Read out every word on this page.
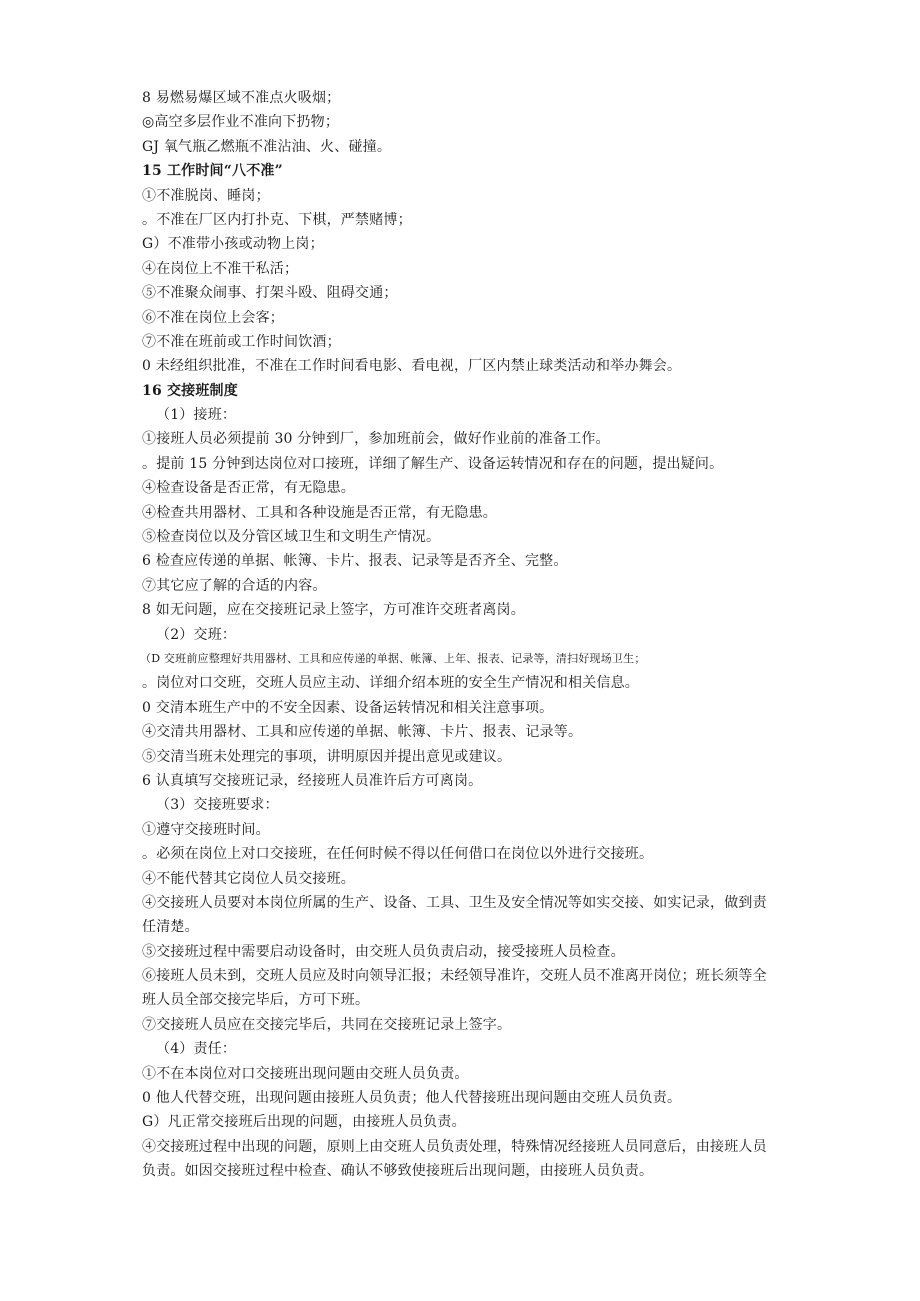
8 易燃易爆区域不准点火吸烟；
◎高空多层作业不准向下扔物；
GJ 氧气瓶乙燃瓶不准沾油、火、碰撞。
15 工作时间“八不准”
①不准脱岗、睡岗；
。不准在厂区内打扑克、下棋，严禁赌博；
G）不准带小孩或动物上岗；
④在岗位上不准干私活；
⑤不准聚众闹事、打架斗殴、阻碍交通；
⑥不准在岗位上会客；
⑦不准在班前或工作时间饮酒；
0 未经组织批准，不准在工作时间看电影、看电视，厂区内禁止球类活动和举办舞会。
16 交接班制度
（1）接班：
①接班人员必须提前 30 分钟到厂，参加班前会，做好作业前的准备工作。
。提前 15 分钟到达岗位对口接班，详细了解生产、设备运转情况和存在的问题，提出疑问。
④检查设备是否正常，有无隐患。
④检查共用器材、工具和各种设施是否正常，有无隐患。
⑤检查岗位以及分管区域卫生和文明生产情况。
6 检查应传递的单据、帐簿、卡片、报表、记录等是否齐全、完整。
⑦其它应了解的合适的内容。
8 如无问题，应在交接班记录上签字，方可准许交班者离岗。
（2）交班：
（D 交班前应整理好共用器材、工具和应传递的单据、帐簿、上年、报表、记录等，清扫好现场卫生；
。岗位对口交班，交班人员应主动、详细介绍本班的安全生产情况和相关信息。
0 交清本班生产中的不安全因素、设备运转情况和相关注意事项。
④交清共用器材、工具和应传递的单据、帐簿、卡片、报表、记录等。
⑤交清当班未处理完的事项，讲明原因并提出意见或建议。
6 认真填写交接班记录，经接班人员准许后方可离岗。
（3）交接班要求：
①遵守交接班时间。
。必须在岗位上对口交接班，在任何时候不得以任何借口在岗位以外进行交接班。
④不能代替其它岗位人员交接班。
④交接班人员要对本岗位所属的生产、设备、工具、卫生及安全情况等如实交接、如实记录，做到责
任清楚。
⑤交接班过程中需要启动设备时，由交班人员负责启动，接受接班人员检查。
⑥接班人员未到，交班人员应及时向领导汇报；未经领导准许，交班人员不准离开岗位；班长须等全
班人员全部交接完毕后，方可下班。
⑦交接班人员应在交接完毕后，共同在交接班记录上签字。
（4）责任：
①不在本岗位对口交接班出现问题由交班人员负责。
0 他人代替交班，出现问题由接班人员负责；他人代替接班出现问题由交班人员负责。
G）凡正常交接班后出现的问题，由接班人员负责。
④交接班过程中出现的问题，原则上由交班人员负责处理，特殊情况经接班人员同意后，由接班人员
负责。如因交接班过程中检查、确认不够致使接班后出现问题，由接班人员负责。
